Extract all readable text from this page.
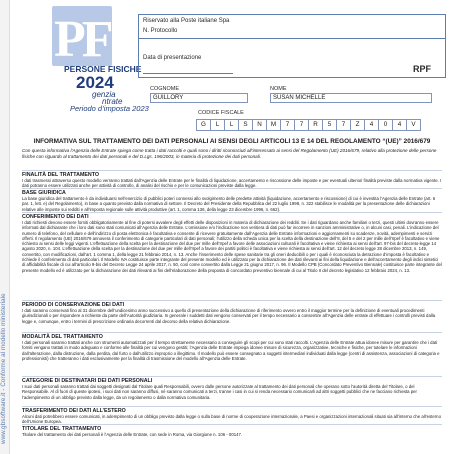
www.gbsoftware.it - Conforme al modello ministeriale
PF
PERSONE FISICHE
2024
genzia
ntrate
Periodo d’imposta 2023
Riservato alla Poste italiane Spa
N. Protocollo
Data di presentazione
RPF
COGNOME
GUILLORY
NOME
SUSAN MICHELLE
CODICE FISCALE
G	L	L	S	N	M	7	7	R	5	7	Z	4	0	4	V
INFORMATIVA SUL TRATTAMENTO DEI DATI PERSONALI AI SENSI DEGLI ARTICOLI 13 E 14 DEL REGOLAMENTO “(UE)” 2016/679
Con questa informativa l’Agenzia delle Entrate spiega come tratta i dati raccolti e quali sono i diritti riconosciuti all’interessato ai sensi del Regolamento (UE) 2016/679, relativo alla protezione delle persone fisiche con riguardo al trattamento dei dati personali e del D.Lgs. 196/2003, in materia di protezione dei dati personali.
FINALITÀ DEL TRATTAMENTO
I dati trasmessi attraverso questo modello verranno trattati dall’Agenzia delle Entrate per le finalità di liquidazione, accertamento e riscossione delle imposte e per eventuali ulteriori finalità previste dalla normativa vigente. I dati potranno essere utilizzati anche per attività di controllo, di analisi del rischio e per le comunicazioni previste dalla legge.
BASE GIURIDICA
La base giuridica del trattamento è da individuarsi nell’esercizio di pubblici poteri connessi allo svolgimento delle predette attività (liquidazione, accertamento e riscossione) di cui è investita l’Agenzia delle Entrate (art. 6 par. 1, lett. e) del Regolamento), in base a quanto previsto dalla normativa di settore. Il Decreto del Presidente della Repubblica del 22 luglio 1998, n. 322 stabilisce le modalità per la presentazione delle dichiarazioni relative alle imposte sui redditi e all’imposta regionale sulle attività produttive (art. 1, comma 136, della legge 23 dicembre 1996, n. 662).
CONFERIMENTO DEI DATI
I dati richiesti devono essere forniti obbligatoriamente al fine di potersi avvalere degli effetti delle disposizioni in materia di dichiarazione dei redditi. Se i dati riguardano anche familiari o terzi, questi ultimi dovranno essere informati dal dichiarante che i loro dati sono stati comunicati all’Agenzia delle Entrate. L’omissione e/o l’indicazione non veritiera di dati può far incorrere in sanzioni amministrative o, in alcuni casi, penali. L’indicazione del numero di telefono, del cellulare e dell’indirizzo di posta elettronica è facoltativa e consente di ricevere gratuitamente dall’Agenzia delle Entrate informazioni e aggiornamenti su scadenze, novità, adempimenti e servizi offerti. Il regolamento (UE) 2016/679 annovera il conferimento di categorie particolari di dati personali; l’utilizzo della scheda unica per la scelta della destinazione dell’8, del 5 e del 2 per mille dell’Irpef è facoltativo e viene richiesto ai sensi delle leggi vigenti. L’effettuazione della scelta per la destinazione del due per mille dell’Irpef a favore delle associazioni culturali è facoltativa e viene richiesta ai sensi dell’art. 97-bis del decreto-legge 14 agosto 2020, n. 104. L’effettuazione della scelta per la destinazione del due per mille dell’Irpef a favore dei partiti politici è facoltativa e viene richiesta ai sensi dell’art. 12 del decreto legge 28 dicembre 2013, n. 149, convertito, con modificazioni, dall’art. 1 comma 1, della legge 21 febbraio 2014, n. 13. Anche l’inserimento delle spese sanitarie tra gli oneri deducibili o per i quali è riconosciuta la detrazione d’imposta è facoltativo e richiede il conferimento di dati particolari. Il Modello IVA costituisce parte integrante del presente modello ed è utilizzato per la dichiarazione dei dati rilevanti ai fini della liquidazione e dell’accertamento degli indici sintetici di affidabilità fiscale di cui all’articolo 9-bis del Decreto Legge 24 aprile 2017, n. 50, così come convertito dalla Legge 21 giugno 2017, n. 96. Il Modello CPB (Concordato Preventivo Biennale) costituisce parte integrante del presente modello ed è utilizzato per la dichiarazione dei dati rilevanti ai fini dell’elaborazione della proposta di concordato preventivo biennale di cui al Titolo II del decreto legislativo 12 febbraio 2024, n. 13.
PERIODO DI CONSERVAZIONE DEI DATI
I dati saranno conservati fino al 31 dicembre dell’undicesimo anno successivo a quello di presentazione della dichiarazione di riferimento ovvero entro il maggior termine per la definizione di eventuali procedimenti giurisdizionali o per rispondere a richieste da parte dell’Autorità giudiziaria. In generale i suddetti dati vengono conservati per il tempo necessario a consentire all’Agenzia delle entrate di effettuare i controlli previsti dalla legge e, comunque, entro i termini di prescrizione ordinaria decorrenti dal decorso della relativa dichiarazione.
MODALITÀ DEL TRATTAMENTO
I dati personali saranno trattati anche con strumenti automatizzati per il tempo strettamente necessario a conseguire gli scopi per cui sono stati raccolti. L’Agenzia delle Entrate attua idonee misure per garantire che i dati forniti vengano trattati in modo adeguato e conforme alle finalità per cui vengono gestiti; l’Agenzia delle Entrate impiega idonee misure di sicurezza, organizzative, tecniche e fisiche, per tutelare le informazioni dall’alterazione, dalla distruzione, dalla perdita, dal furto o dall’utilizzo improprio o illegittimo. Il modello può essere consegnato a soggetti intermediari individuati dalla legge (centri di assistenza, associazioni di categoria e professionisti) che tratteranno i dati esclusivamente per la finalità di trasmissione del modello all’Agenzia delle Entrate.
CATEGORIE DI DESTINATARI DEI DATI PERSONALI
I suoi dati personali saranno trattati dai soggetti designati dal Titolare quali Responsabili, ovvero dalle persone autorizzate al trattamento dei dati personali che operano sotto l’autorità diretta del Titolare, o del Responsabile. Al di fuori di queste ipotesi, i suoi dati non saranno diffusi, né saranno comunicati a terzi, tranne i casi in cui si renda necessario comunicarli ad altri soggetti pubblici che ne facciano richiesta per l’adempimento di un obbligo previsto dalla legge, da un regolamento o dalla normativa comunitaria.
TRASFERIMENTO DEI DATI ALL’ESTERO
Alcuni dati potrebbero essere comunicati, in adempimento di un obbligo previsto dalla legge o sulla base di norme di cooperazione internazionale, a Paesi e organizzazioni internazionali situati sia all’interno che all’esterno dell’Unione Europea.
TITOLARE DEL TRATTAMENTO
Titolare del trattamento dei dati personali è l’Agenzia delle Entrate, con sede in Roma, via Giorgione n. 106 - 00147.
